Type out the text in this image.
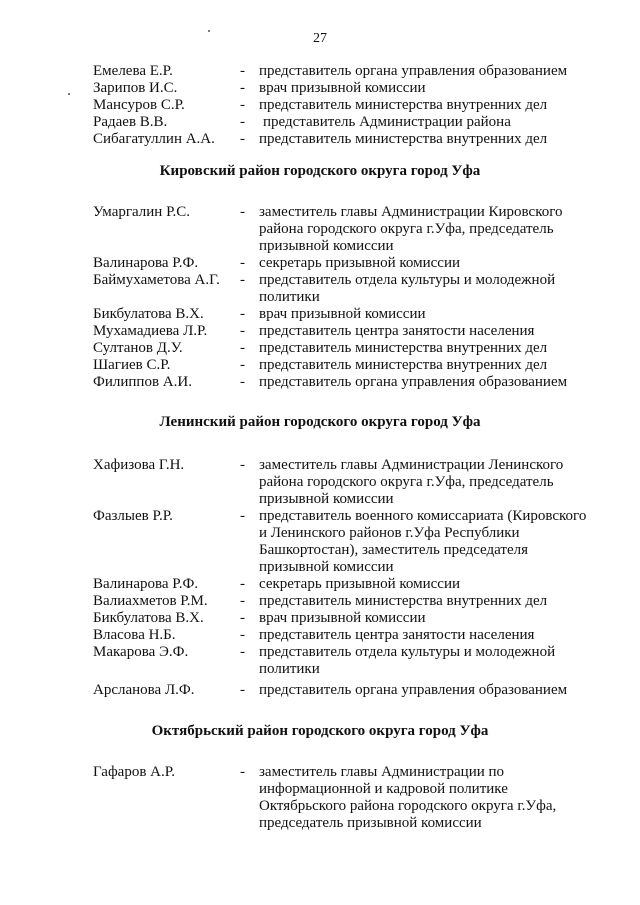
27
Емелева Е.Р.	- представитель органа управления образованием
Зарипов И.С.	- врач призывной комиссии
Мансуров С.Р.	- представитель министерства внутренних дел
Радаев В.В.	- представитель Администрации района
Сибагатуллин А.А. - представитель министерства внутренних дел
Кировский район городского округа город Уфа
Умаргалин Р.С.	- заместитель главы Администрации Кировского
района городского округа г.Уфа, председатель
призывной комиссии
Валинарова Р.Ф.	- секретарь призывной комиссии
Баймухаметова А.Г. - представитель отдела культуры и молодежной
политики
Бикбулатова В.Х. - врач призывной комиссии
Мухамадиева Л.Р. - представитель центра занятости населения
Султанов Д.У.	- представитель министерства внутренних дел
Шагиев С.Р.	- представитель министерства внутренних дел
Филиппов А.И.	- представитель органа управления образованием
Ленинский район городского округа город Уфа
Хафизова Г.Н.	- заместитель главы Администрации Ленинского
района городского округа г.Уфа, председатель
призывной комиссии
Фазлыев Р.Р.	- представитель военного комиссариата (Кировского
и Ленинского районов г.Уфа Республики
Башкортостан), заместитель председателя
призывной комиссии
Валинарова Р.Ф.	- секретарь призывной комиссии
Валиахметов Р.М. - представитель министерства внутренних дел
Бикбулатова В.Х. - врач призывной комиссии
Власова Н.Б.	- представитель центра занятости населения
Макарова Э.Ф.	- представитель отдела культуры и молодежной
политики
Арсланова Л.Ф.	- представитель органа управления образованием
Октябрьский район городского округа город Уфа
Гафаров А.Р.	- заместитель главы Администрации по
информационной и кадровой политике
Октябрьского района городского округа г.Уфа,
председатель призывной комиссии
